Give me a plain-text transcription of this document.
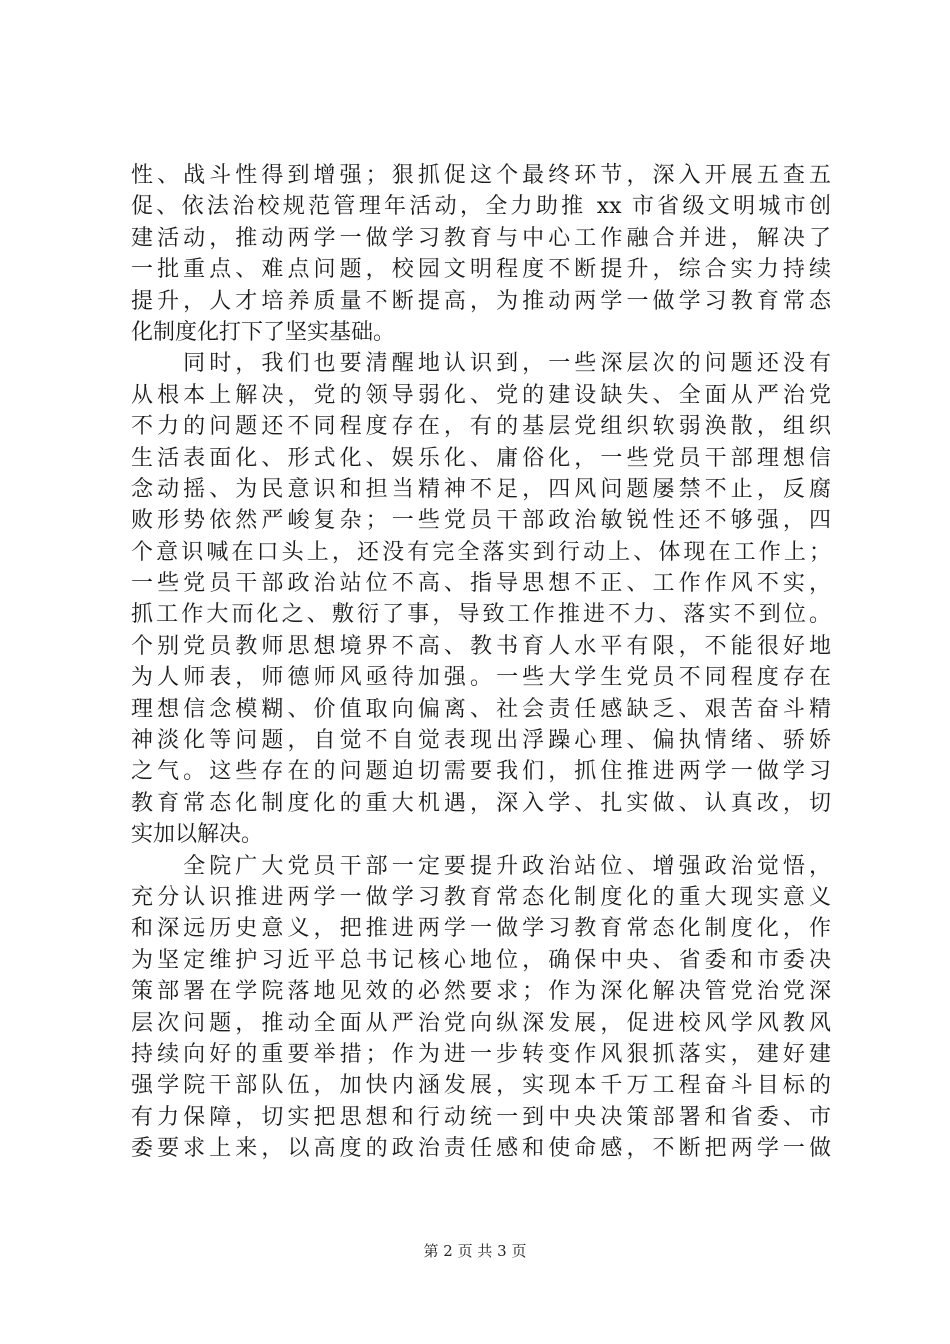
性、战斗性得到增强；狠抓促这个最终环节，深入开展五查五
促、依法治校规范管理年活动，全力助推 xx 市省级文明城市创
建活动，推动两学一做学习教育与中心工作融合并进，解决了
一批重点、难点问题，校园文明程度不断提升，综合实力持续
提升，人才培养质量不断提高，为推动两学一做学习教育常态
化制度化打下了坚实基础。
　　同时，我们也要清醒地认识到，一些深层次的问题还没有
从根本上解决，党的领导弱化、党的建设缺失、全面从严治党
不力的问题还不同程度存在，有的基层党组织软弱涣散，组织
生活表面化、形式化、娱乐化、庸俗化，一些党员干部理想信
念动摇、为民意识和担当精神不足，四风问题屡禁不止，反腐
败形势依然严峻复杂；一些党员干部政治敏锐性还不够强，四
个意识喊在口头上，还没有完全落实到行动上、体现在工作上；
一些党员干部政治站位不高、指导思想不正、工作作风不实，
抓工作大而化之、敷衍了事，导致工作推进不力、落实不到位。
个别党员教师思想境界不高、教书育人水平有限，不能很好地
为人师表，师德师风亟待加强。一些大学生党员不同程度存在
理想信念模糊、价值取向偏离、社会责任感缺乏、艰苦奋斗精
神淡化等问题，自觉不自觉表现出浮躁心理、偏执情绪、骄娇
之气。这些存在的问题迫切需要我们，抓住推进两学一做学习
教育常态化制度化的重大机遇，深入学、扎实做、认真改，切
实加以解决。
　　全院广大党员干部一定要提升政治站位、增强政治觉悟，
充分认识推进两学一做学习教育常态化制度化的重大现实意义
和深远历史意义，把推进两学一做学习教育常态化制度化，作
为坚定维护习近平总书记核心地位，确保中央、省委和市委决
策部署在学院落地见效的必然要求；作为深化解决管党治党深
层次问题，推动全面从严治党向纵深发展，促进校风学风教风
持续向好的重要举措；作为进一步转变作风狠抓落实，建好建
强学院干部队伍，加快内涵发展，实现本千万工程奋斗目标的
有力保障，切实把思想和行动统一到中央决策部署和省委、市
委要求上来，以高度的政治责任感和使命感，不断把两学一做
第 2 页 共 3 页
